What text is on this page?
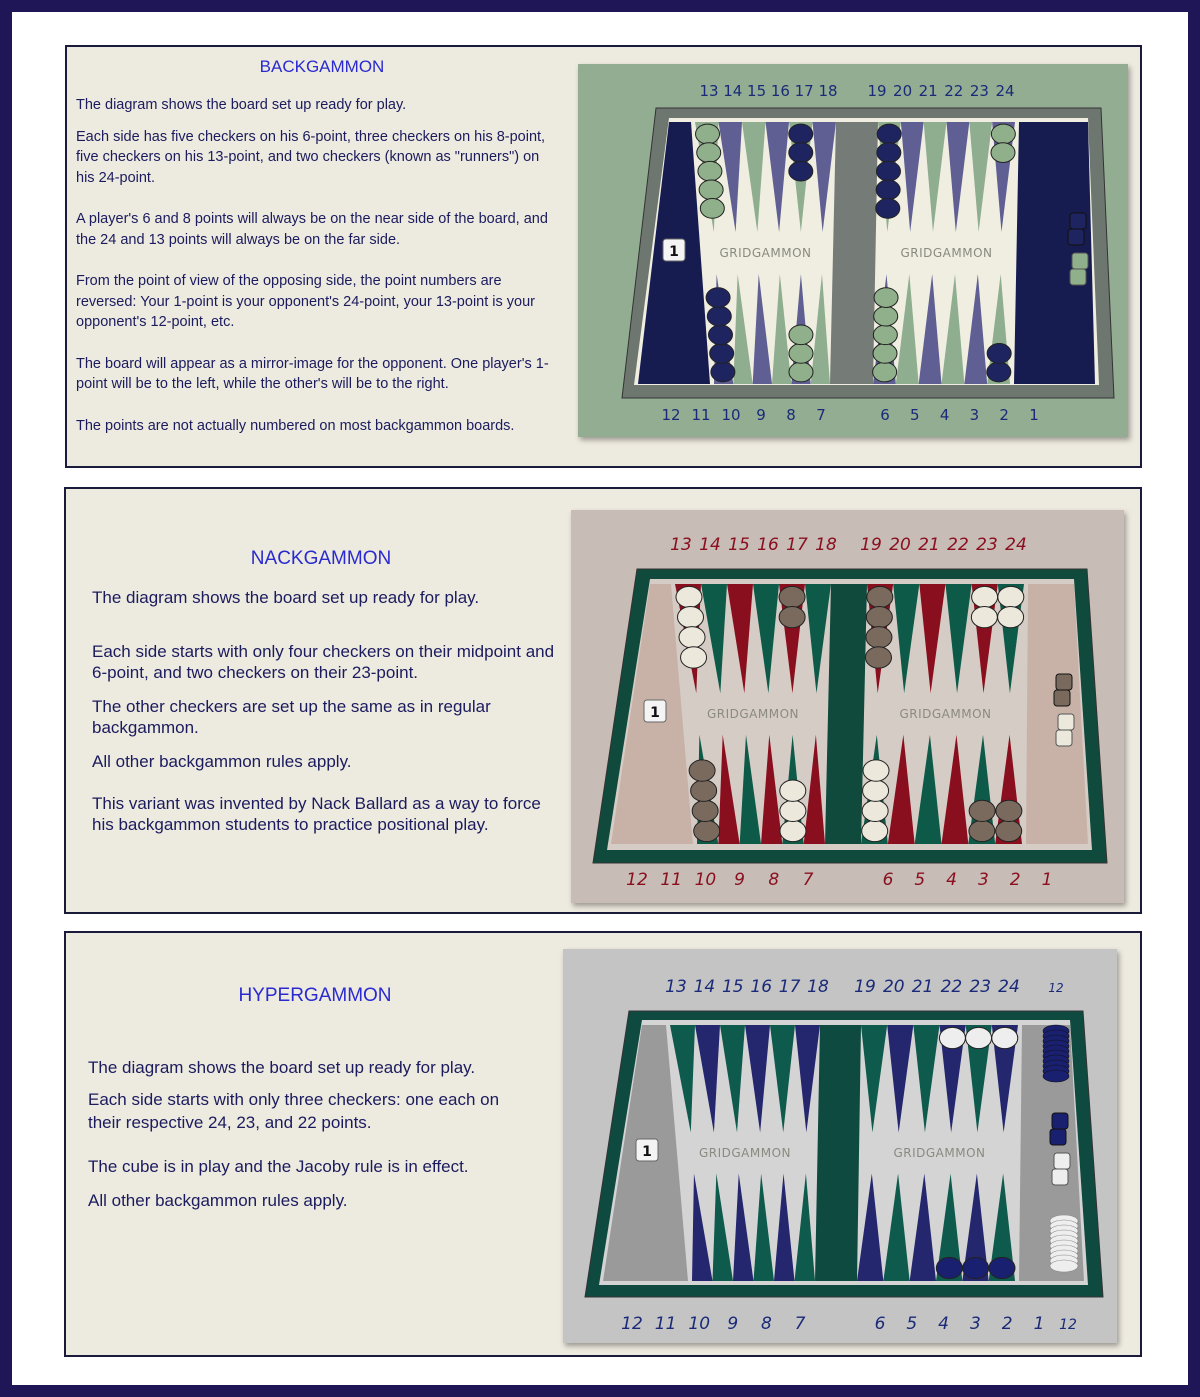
BACKGAMMON

The diagram shows the board set up ready for play.

Each side has five checkers on his 6-point, three checkers on his 8-point, five checkers on his 13-point, and two checkers (known as "runners") on his 24-point.

A player's 6 and 8 points will always be on the near side of the board, and the 24 and 13 points will always be on the far side.

From the point of view of the opposing side, the point numbers are reversed: Your 1-point is your opponent's 24-point, your 13-point is your opponent's 12-point, etc.

The board will appear as a mirror-image for the opponent. One player's 1-point will be to the left, while the other's will be to the right.

The points are not actually numbered on most backgammon boards.

GRIDGAMMON	GRIDGAMMON
1
13 14 15 16 17 18 19 20 21 22 23 24
12 11 10 9 8 7	6 5 4 3 2 1
NACKGAMMON

The diagram shows the board set up ready for play.

Each side starts with only four checkers on their midpoint and 6-point, and two checkers on their 23-point.

The other checkers are set up the same as in regular backgammon.

All other backgammon rules apply.

This variant was invented by Nack Ballard as a way to force his backgammon students to practice positional play.

GRIDGAMMON	GRIDGAMMON
1
13 14 15 16 17 18 19 20 21 22 23 24
12 11 10 9 8 7	6 5 4 3 2 1
HYPERGAMMON

The diagram shows the board set up ready for play.

Each side starts with only three checkers: one each on their respective 24, 23, and 22 points.

The cube is in play and the Jacoby rule is in effect.

All other backgammon rules apply.

GRIDGAMMON	GRIDGAMMON
1
13 14 15 16 17 18 19 20 21 22 23 24
12 11 10 9 8 7	6 5 4 3 2 1
12
12
